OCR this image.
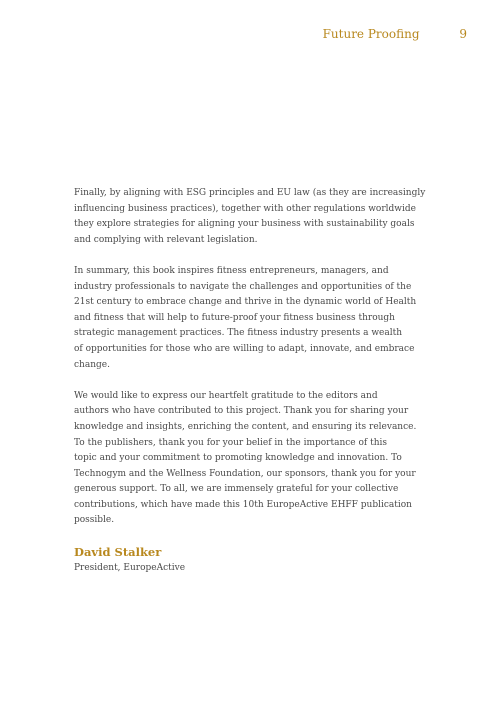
Future Proofing	9

Finally, by aligning with ESG principles and EU law (as they are increasingly
influencing business practices), together with other regulations worldwide
they explore strategies for aligning your business with sustainability goals
and complying with relevant legislation.

In summary, this book inspires fitness entrepreneurs, managers, and
industry professionals to navigate the challenges and opportunities of the
21st century to embrace change and thrive in the dynamic world of Health
and fitness that will help to future-proof your fitness business through
strategic management practices. The fitness industry presents a wealth
of opportunities for those who are willing to adapt, innovate, and embrace
change.

We would like to express our heartfelt gratitude to the editors and
authors who have contributed to this project. Thank you for sharing your
knowledge and insights, enriching the content, and ensuring its relevance.
To the publishers, thank you for your belief in the importance of this
topic and your commitment to promoting knowledge and innovation. To
Technogym and the Wellness Foundation, our sponsors, thank you for your
generous support. To all, we are immensely grateful for your collective
contributions, which have made this 10th EuropeActive EHFF publication
possible.

David Stalker
President, EuropeActive
